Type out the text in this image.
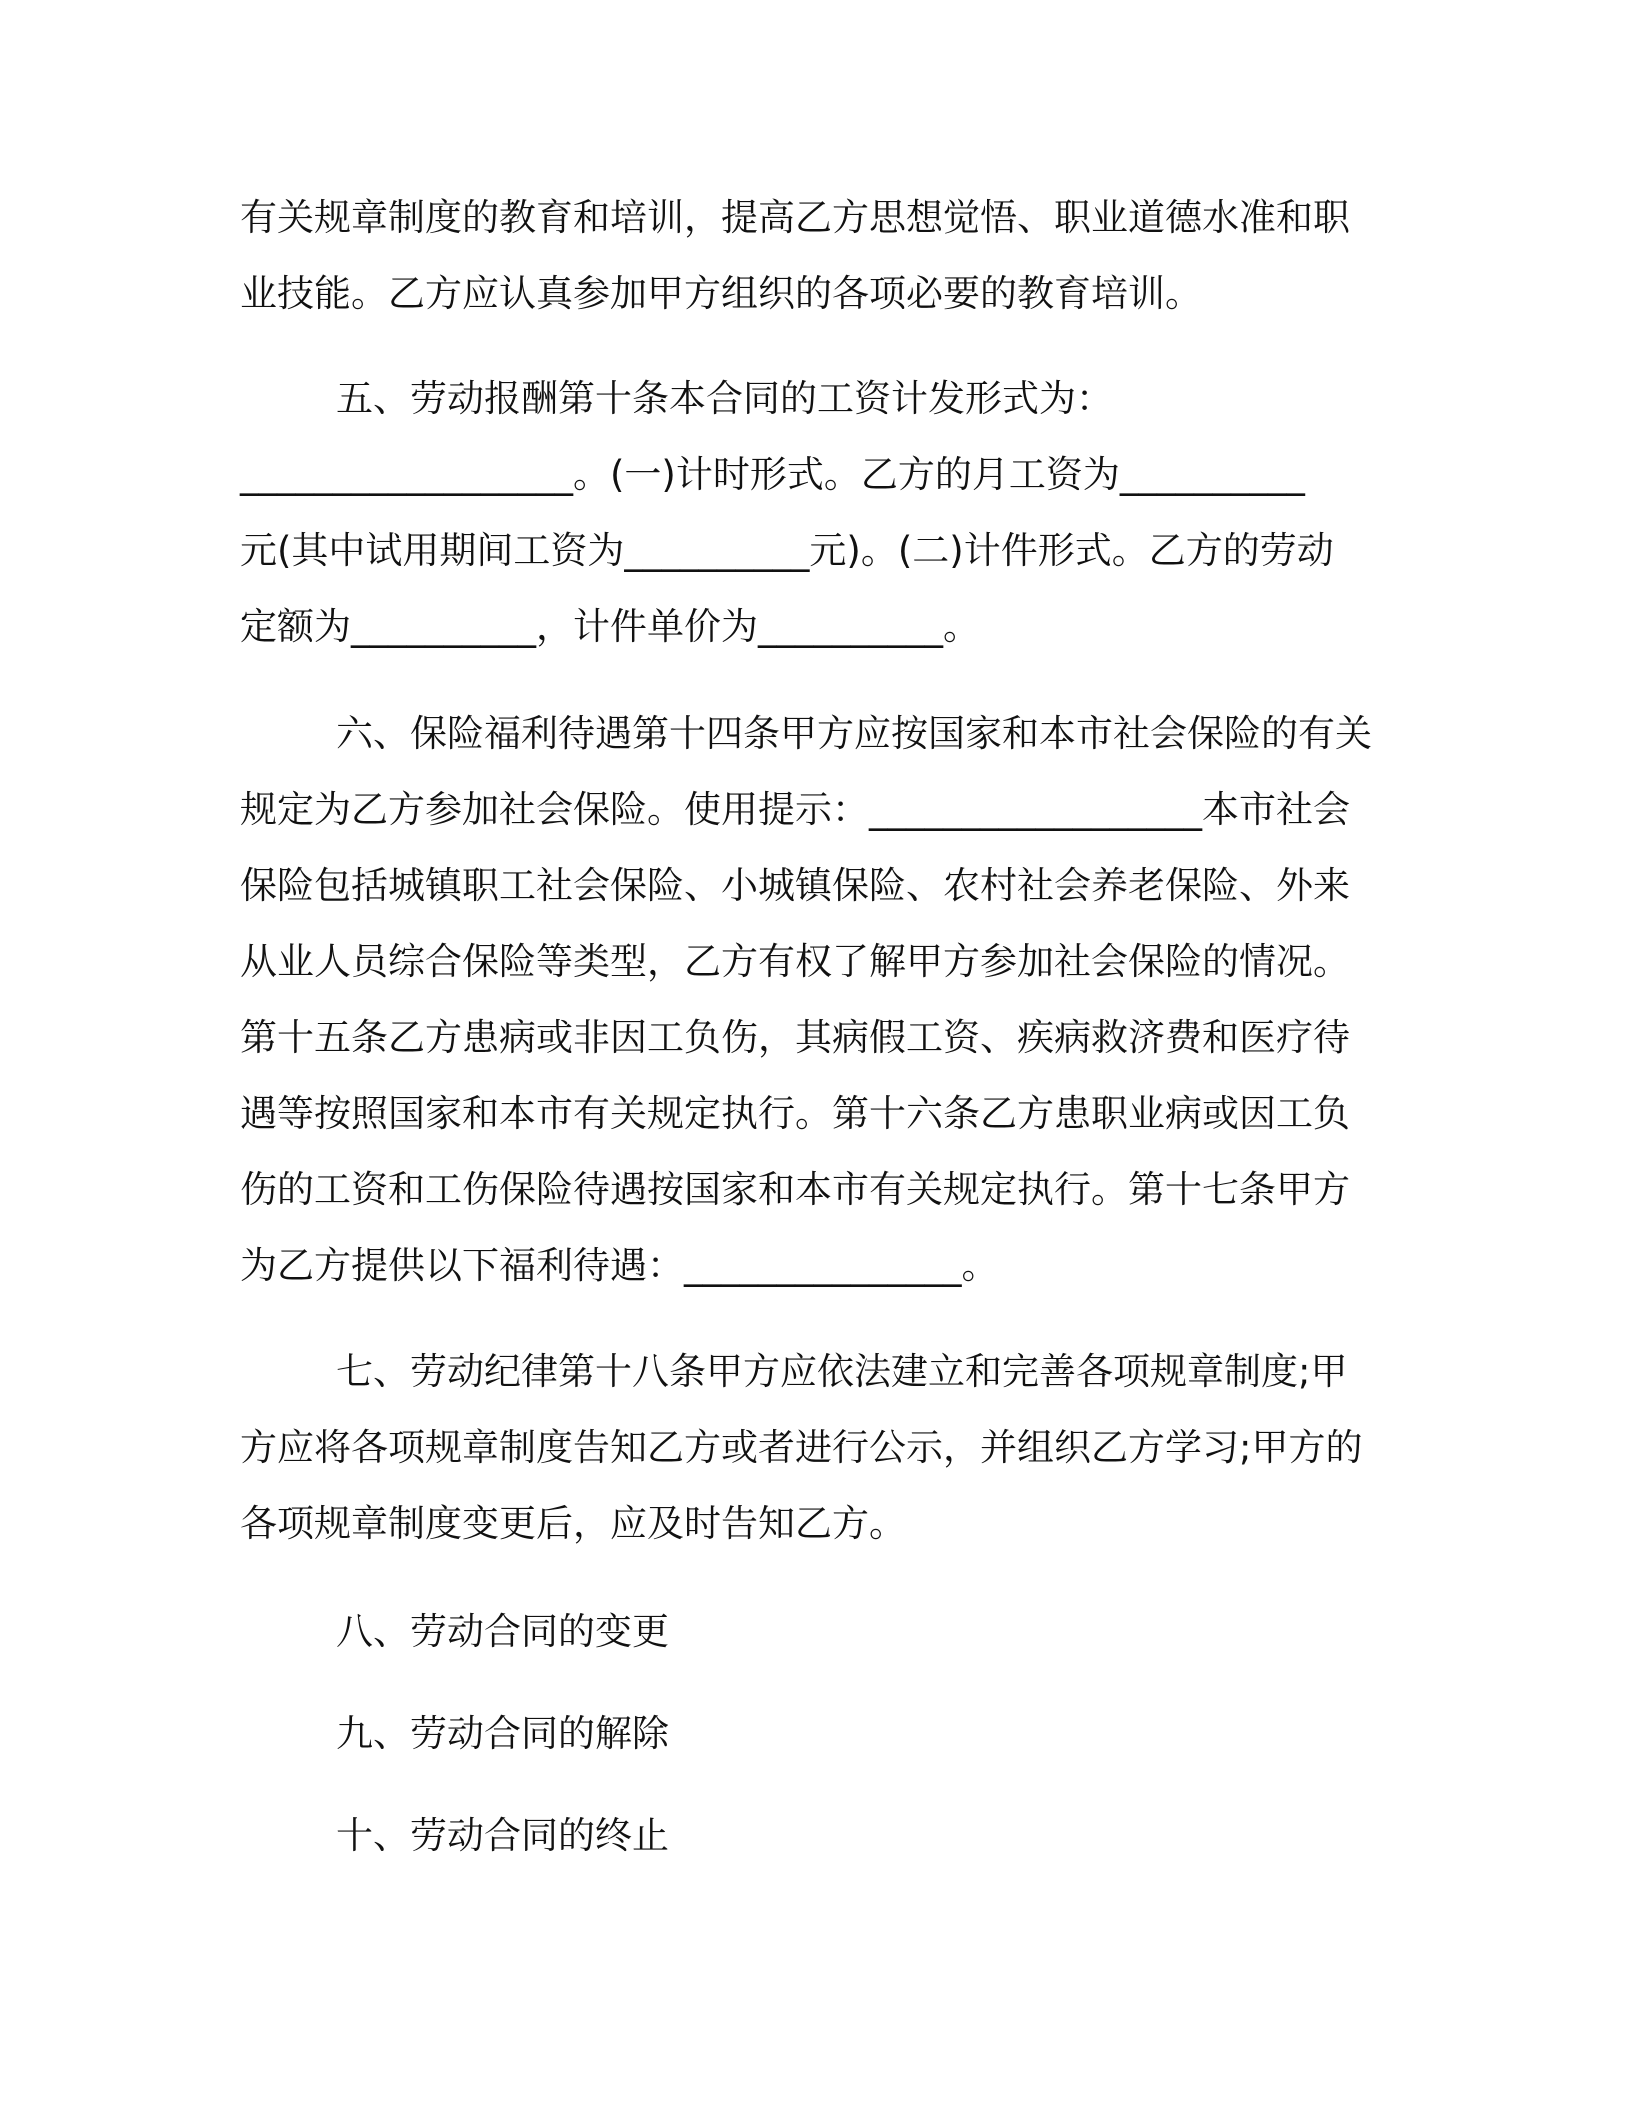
有关规章制度的教育和培训，提高乙方思想觉悟、职业道德水准和职
业技能。乙方应认真参加甲方组织的各项必要的教育培训。
五、劳动报酬第十条本合同的工资计发形式为：
__________________。(一)计时形式。乙方的月工资为__________
元(其中试用期间工资为__________元)。(二)计件形式。乙方的劳动
定额为__________，计件单价为__________。
六、保险福利待遇第十四条甲方应按国家和本市社会保险的有关
规定为乙方参加社会保险。使用提示：__________________本市社会
保险包括城镇职工社会保险、小城镇保险、农村社会养老保险、外来
从业人员综合保险等类型，乙方有权了解甲方参加社会保险的情况。
第十五条乙方患病或非因工负伤，其病假工资、疾病救济费和医疗待
遇等按照国家和本市有关规定执行。第十六条乙方患职业病或因工负
伤的工资和工伤保险待遇按国家和本市有关规定执行。第十七条甲方
为乙方提供以下福利待遇：_______________。
七、劳动纪律第十八条甲方应依法建立和完善各项规章制度;甲
方应将各项规章制度告知乙方或者进行公示，并组织乙方学习;甲方的
各项规章制度变更后，应及时告知乙方。
八、劳动合同的变更
九、劳动合同的解除
十、劳动合同的终止
